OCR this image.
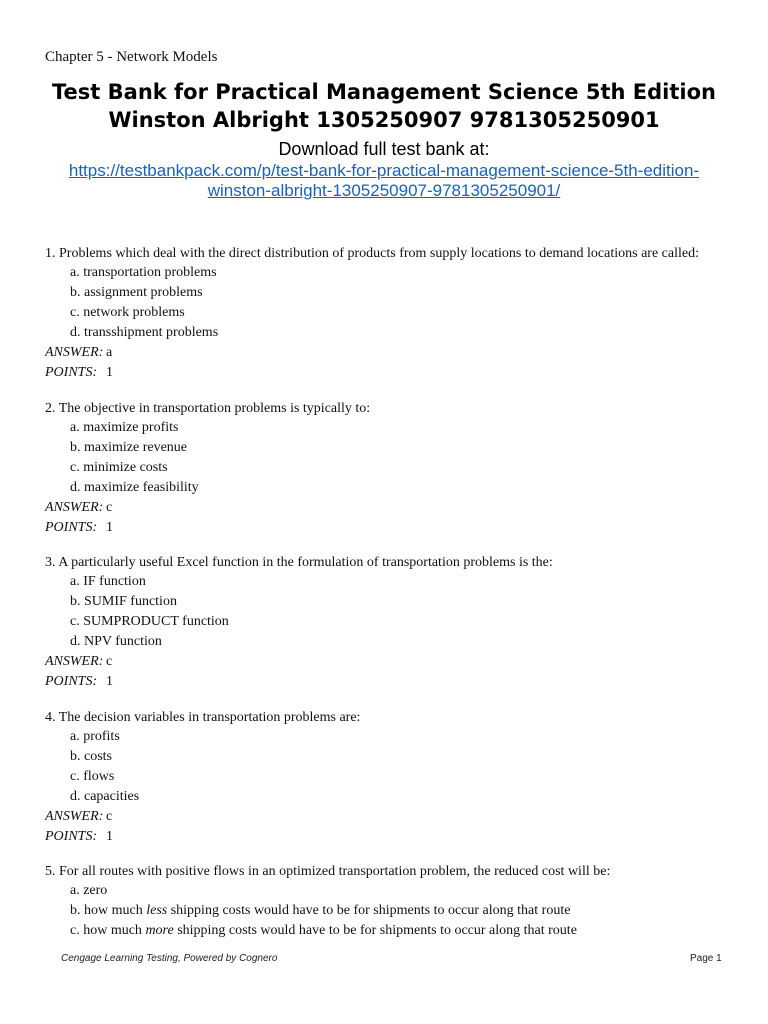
Chapter 5 - Network Models
Test Bank for Practical Management Science 5th Edition
Winston Albright 1305250907 9781305250901
Download full test bank at:
https://testbankpack.com/p/test-bank-for-practical-management-science-5th-edition-
winston-albright-1305250907-9781305250901/
1. Problems which deal with the direct distribution of products from supply locations to demand locations are called:
a. transportation problems
b. assignment problems
c. network problems
d. transshipment problems
ANSWER: a
POINTS: 1
2. The objective in transportation problems is typically to:
a. maximize profits
b. maximize revenue
c. minimize costs
d. maximize feasibility
ANSWER: c
POINTS: 1
3. A particularly useful Excel function in the formulation of transportation problems is the:
a. IF function
b. SUMIF function
c. SUMPRODUCT function
d. NPV function
ANSWER: c
POINTS: 1
4. The decision variables in transportation problems are:
a. profits
b. costs
c. flows
d. capacities
ANSWER: c
POINTS: 1
5. For all routes with positive flows in an optimized transportation problem, the reduced cost will be:
a. zero
b. how much less shipping costs would have to be for shipments to occur along that route
c. how much more shipping costs would have to be for shipments to occur along that route
Cengage Learning Testing, Powered by Cognero	Page 1
